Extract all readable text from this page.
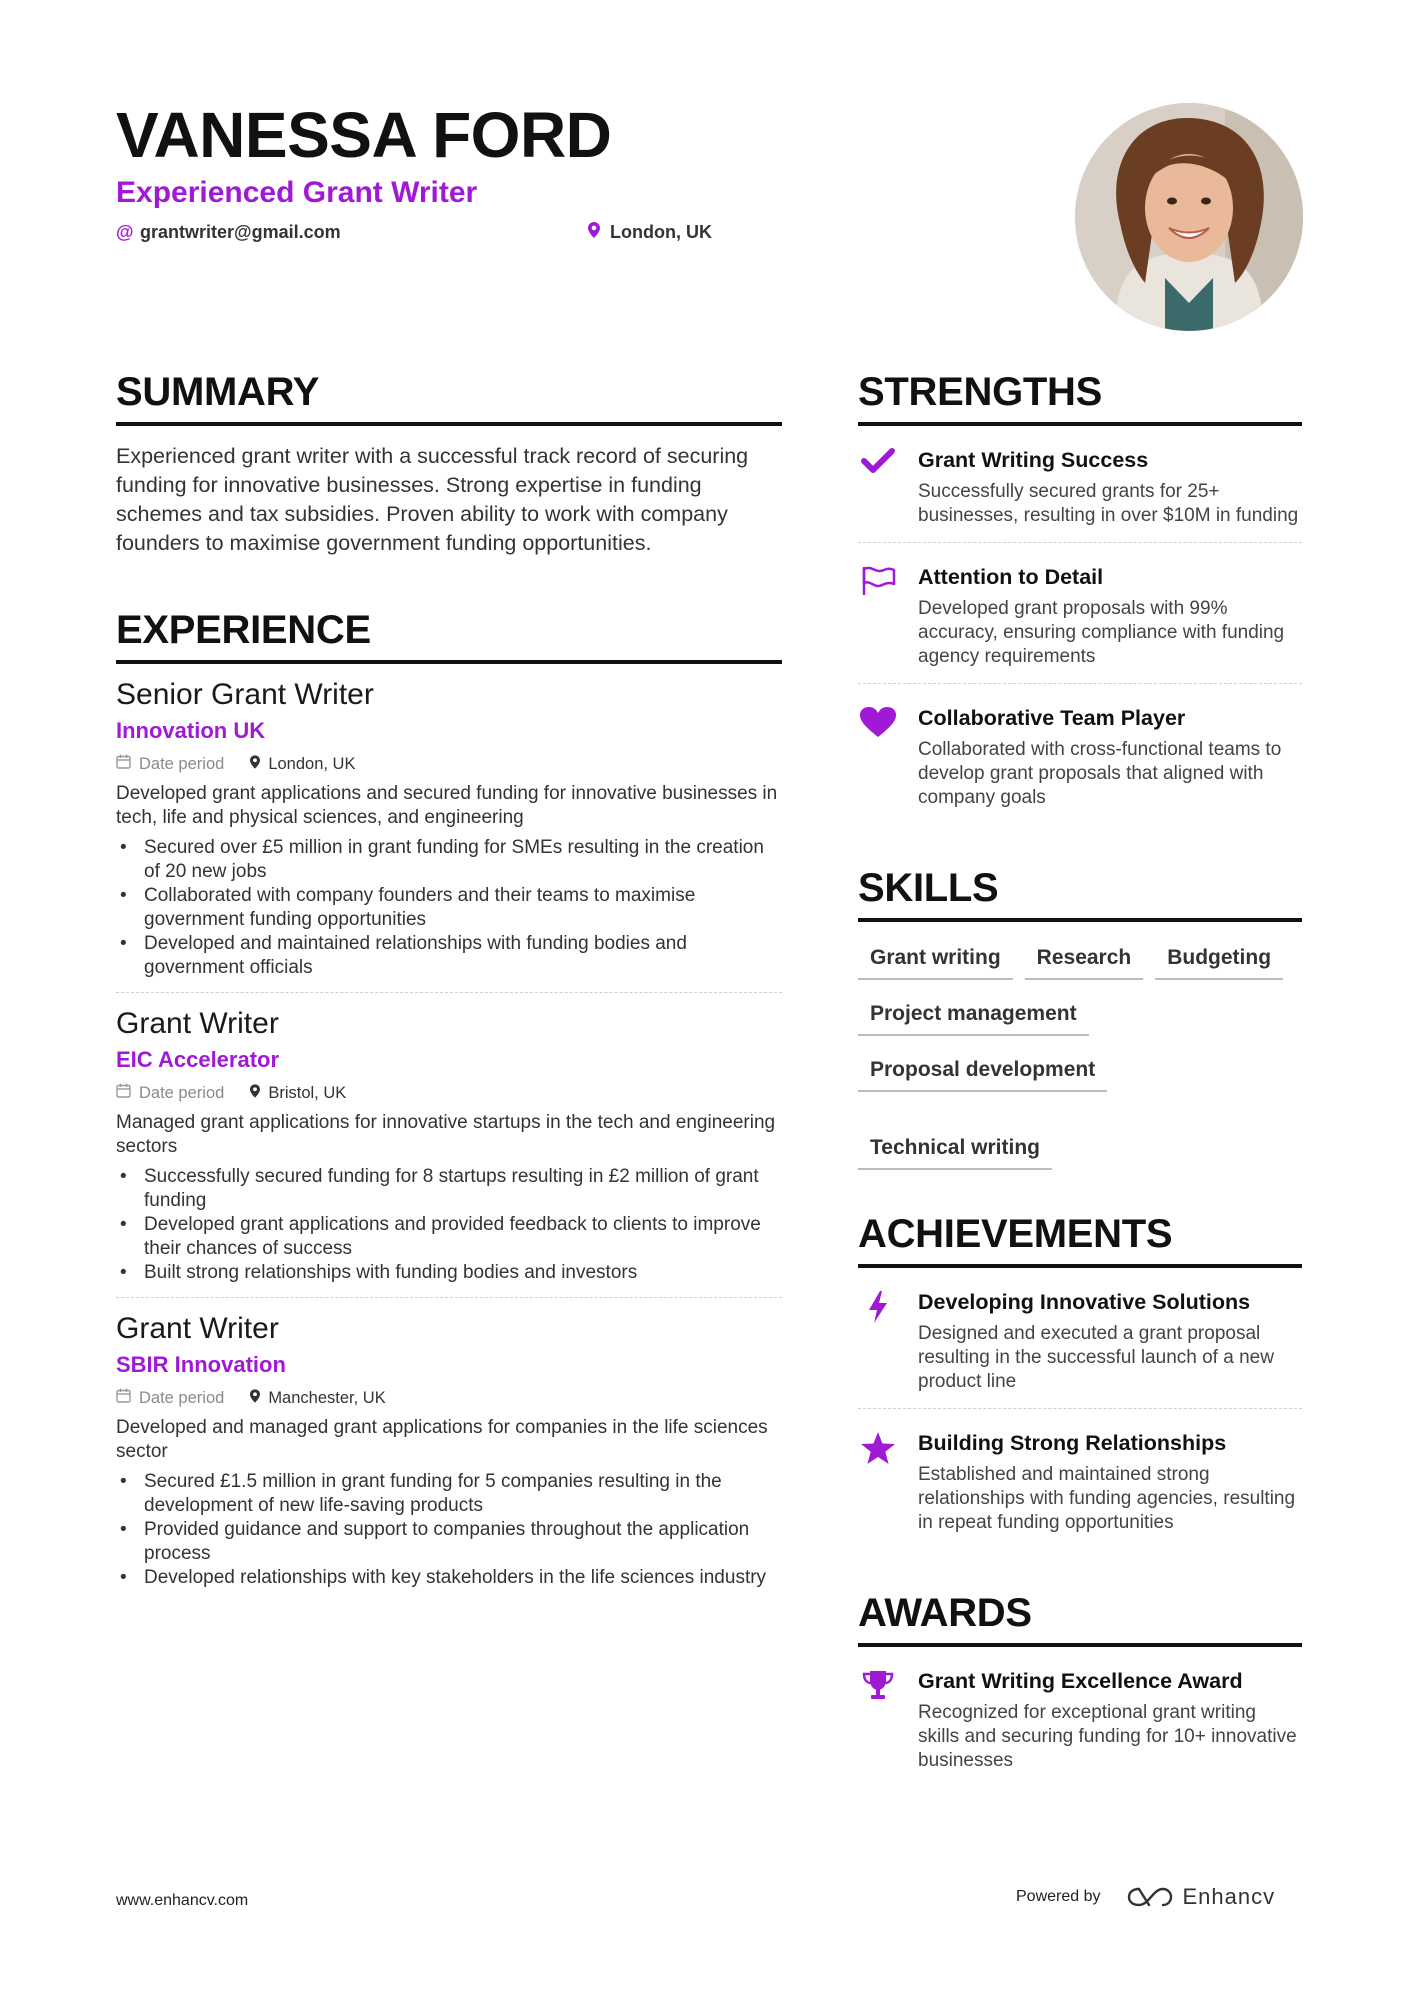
VANESSA FORD
Experienced Grant Writer
@ grantwriter@gmail.com	London, UK
SUMMARY
Experienced grant writer with a successful track record of securing funding for innovative businesses. Strong expertise in funding schemes and tax subsidies. Proven ability to work with company founders to maximise government funding opportunities.
EXPERIENCE
Senior Grant Writer
Innovation UK
Date period	London, UK
Developed grant applications and secured funding for innovative businesses in tech, life and physical sciences, and engineering
• Secured over £5 million in grant funding for SMEs resulting in the creation of 20 new jobs
• Collaborated with company founders and their teams to maximise government funding opportunities
• Developed and maintained relationships with funding bodies and government officials
Grant Writer
EIC Accelerator
Date period	Bristol, UK
Managed grant applications for innovative startups in the tech and engineering sectors
• Successfully secured funding for 8 startups resulting in £2 million of grant funding
• Developed grant applications and provided feedback to clients to improve their chances of success
• Built strong relationships with funding bodies and investors
Grant Writer
SBIR Innovation
Date period	Manchester, UK
Developed and managed grant applications for companies in the life sciences sector
• Secured £1.5 million in grant funding for 5 companies resulting in the development of new life-saving products
• Provided guidance and support to companies throughout the application process
• Developed relationships with key stakeholders in the life sciences industry
STRENGTHS
Grant Writing Success
Successfully secured grants for 25+ businesses, resulting in over $10M in funding
Attention to Detail
Developed grant proposals with 99% accuracy, ensuring compliance with funding agency requirements
Collaborative Team Player
Collaborated with cross-functional teams to develop grant proposals that aligned with company goals
SKILLS
Grant writing	Research	Budgeting
Project management
Proposal development
Technical writing
ACHIEVEMENTS
Developing Innovative Solutions
Designed and executed a grant proposal resulting in the successful launch of a new product line
Building Strong Relationships
Established and maintained strong relationships with funding agencies, resulting in repeat funding opportunities
AWARDS
Grant Writing Excellence Award
Recognized for exceptional grant writing skills and securing funding for 10+ innovative businesses
www.enhancv.com	Powered by	Enhancv
